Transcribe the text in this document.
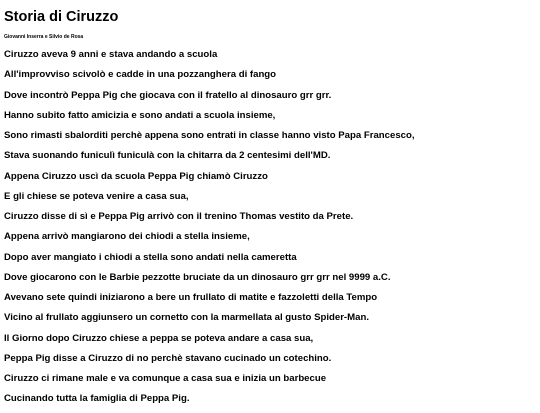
Storia di Ciruzzo
Giovanni Inserra e Silvio de Rosa
Ciruzzo aveva 9 anni e stava andando a scuola
All'improvviso scivolò e cadde in una pozzanghera di fango
Dove incontrò Peppa Pig che giocava con il fratello al dinosauro grr grr.
Hanno subito fatto amicizia e sono andati a scuola insieme,
Sono rimasti sbalorditi perchè appena sono entrati in classe hanno visto Papa Francesco,
Stava suonando funiculì funiculà con la chitarra da 2 centesimi dell'MD.
Appena Ciruzzo uscì da scuola Peppa Pig chiamò Ciruzzo
E gli chiese se poteva venire a casa sua,
Ciruzzo disse di sì e Peppa Pig arrivò con il trenino Thomas vestito da Prete.
Appena arrivò mangiarono dei chiodi a stella insieme,
Dopo aver mangiato i chiodi a stella sono andati nella cameretta
Dove giocarono con le Barbie pezzotte bruciate da un dinosauro grr grr nel 9999 a.C.
Avevano sete quindi iniziarono a bere un frullato di matite e fazzoletti della Tempo
Vicino al frullato aggiunsero un cornetto con la marmellata al gusto Spider-Man.
Il Giorno dopo Ciruzzo chiese a peppa se poteva andare a casa sua,
Peppa Pig disse a Ciruzzo di no perchè stavano cucinado un cotechino.
Ciruzzo ci rimane male e va comunque a casa sua e inizia un barbecue
Cucinando tutta la famiglia di Peppa Pig.
